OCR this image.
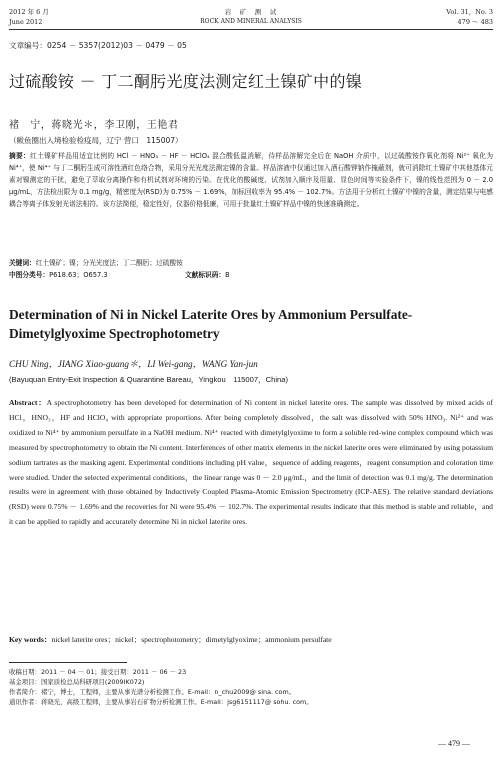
2012 年 6 月
June 2012
岩　矿　测　试
ROCK AND MINERAL ANALYSIS
Vol. 31，No. 3
479 ～ 483
文章编号：0254 － 5357(2012)03 － 0479 － 05
过硫酸铵 － 丁二酮肟光度法测定红土镍矿中的镍
褚　宁，蒋晓光＊，李卫刚，王艳君
（鲅鱼圈出入境检验检疫局，辽宁 营口　115007）
摘要：红土镍矿样品用适宜比例的 HCl － HNO₃ － HF － HClO₄ 混合酸低温消解，待样品溶解完全后在 NaOH 介质中，以过硫酸铵作氧化剂将 Ni²⁺ 氧化为 Ni⁴⁺，使 Ni⁴⁺ 与丁二酮肟生成可溶性酒红色络合物，采用分光光度法测定镍的含量。样品溶液中仅通过加入酒石酸钾钠作掩蔽剂，就可消除红土镍矿中其他基体元素对镍测定的干扰，避免了萃取分离操作和有机试剂对环境的污染。在优化的酸碱度、试剂加入顺序及用量、显色时间等实验条件下，镍的线性范围为 0 － 2.0 μg/mL，方法检出限为 0.1 mg/g，精密度为(RSD)为 0.75% － 1.69%，加标回收率为 95.4% － 102.7%。方法用于分析红土镍矿中镍的含量，测定结果与电感耦合等离子体发射光谱法相符。该方法简便，稳定性好，仪器价格低廉，可用于批量红土镍矿样品中镍的快速准确测定。
关键词：红土镍矿；镍；分光光度法；丁二酮肟；过硫酸铵
中图分类号：P618.63；O657.3	文献标识码：B
Determination of Ni in Nickel Laterite Ores by Ammonium Persulfate-
Dimetylglyoxime Spectrophotometry
CHU Ning，JIANG Xiao-guang＊，LI Wei-gang，WANG Yan-jun
(Bayuquan Entry-Exit Inspection & Quarantine Bareau，Yingkou　115007，China)
Abstract：A spectrophotometry has been developed for determination of Ni content in nickel laterite ores. The sample was dissolved by mixed acids of HCl，HNO₃，HF and HClO₄ with appropriate proportions. After being completely dissolved，the salt was dissolved with 50% HNO₃. Ni²⁺ and was oxidized to Ni⁴⁺ by ammonium persulfate in a NaOH medium. Ni⁴⁺ reacted with dimetylglyoxime to form a soluble red-wine complex compound which was measured by spectrophotometry to obtain the Ni content. Interferences of other matrix elements in the nickel laterite ores were eliminated by using potassium sodium tartrates as the masking agent. Experimental conditions including pH value，sequence of adding reagents，reagent consumption and coloration time were studied. Under the selected experimental conditions，the linear range was 0 － 2.0 μg/mL，and the limit of detection was 0.1 mg/g. The determination results were in agreement with those obtained by Inductively Coupled Plasma-Atomic Emission Spectrometry (ICP-AES). The relative standard deviations (RSD) were 0.75% － 1.69% and the recoveries for Ni were 95.4% － 102.7%. The experimental results indicate that this method is stable and reliable，and it can be applied to rapidly and accurately determine Ni in nickel laterite ores.
Key words：nickel laterite ores；nickel；spectrophotometry；dimetylglyoxime；ammonium persulfate
收稿日期：2011 － 04 － 01；接受日期：2011 － 06 － 23
基金项目：国家质检总局科研项目(2009IK072)
作者简介：褚宁，博士，工程师，主要从事光谱分析检测工作。E-mail：n_chu2009@ sina. com。
通讯作者：蒋晓光，高级工程师，主要从事岩石矿物分析检测工作。E-mail：jsg6151117@ sohu. com。
— 479 —
